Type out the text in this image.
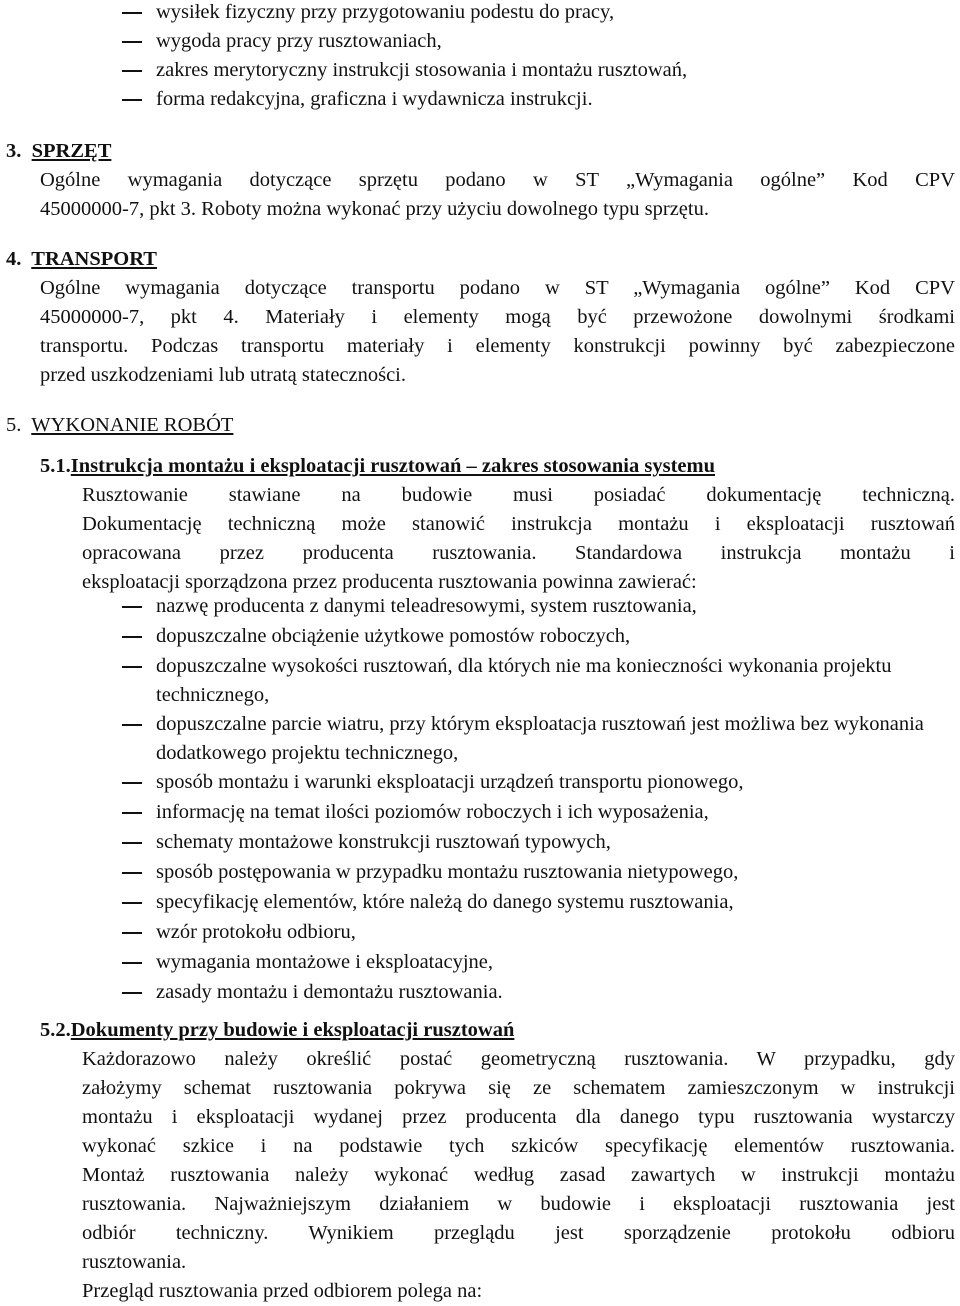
wysiłek fizyczny przy przygotowaniu podestu do pracy,
wygoda pracy przy rusztowaniach,
zakres merytoryczny instrukcji stosowania i montażu rusztowań,
forma redakcyjna, graficzna i wydawnicza instrukcji.
3. SPRZĘT
Ogólne wymagania dotyczące sprzętu podano w ST „Wymagania ogólne” Kod CPV
45000000-7, pkt 3. Roboty można wykonać przy użyciu dowolnego typu sprzętu.
4. TRANSPORT
Ogólne wymagania dotyczące transportu podano w ST „Wymagania ogólne” Kod CPV
45000000-7, pkt 4. Materiały i elementy mogą być przewożone dowolnymi środkami
transportu. Podczas transportu materiały i elementy konstrukcji powinny być zabezpieczone
przed uszkodzeniami lub utratą stateczności.
5. WYKONANIE ROBÓT
5.1.Instrukcja montażu i eksploatacji rusztowań – zakres stosowania systemu
Rusztowanie stawiane na budowie musi posiadać dokumentację techniczną.
Dokumentację techniczną może stanowić instrukcja montażu i eksploatacji rusztowań
opracowana przez producenta rusztowania. Standardowa instrukcja montażu i
eksploatacji sporządzona przez producenta rusztowania powinna zawierać:
nazwę producenta z danymi teleadresowymi, system rusztowania,
dopuszczalne obciążenie użytkowe pomostów roboczych,
dopuszczalne wysokości rusztowań, dla których nie ma konieczności wykonania projektu technicznego,
dopuszczalne parcie wiatru, przy którym eksploatacja rusztowań jest możliwa bez wykonania dodatkowego projektu technicznego,
sposób montażu i warunki eksploatacji urządzeń transportu pionowego,
informację na temat ilości poziomów roboczych i ich wyposażenia,
schematy montażowe konstrukcji rusztowań typowych,
sposób postępowania w przypadku montażu rusztowania nietypowego,
specyfikację elementów, które należą do danego systemu rusztowania,
wzór protokołu odbioru,
wymagania montażowe i eksploatacyjne,
zasady montażu i demontażu rusztowania.
5.2.Dokumenty przy budowie i eksploatacji rusztowań
Każdorazowo należy określić postać geometryczną rusztowania. W przypadku, gdy
założymy schemat rusztowania pokrywa się ze schematem zamieszczonym w instrukcji
montażu i eksploatacji wydanej przez producenta dla danego typu rusztowania wystarczy
wykonać szkice i na podstawie tych szkiców specyfikację elementów rusztowania.
Montaż rusztowania należy wykonać według zasad zawartych w instrukcji montażu
rusztowania. Najważniejszym działaniem w budowie i eksploatacji rusztowania jest
odbiór techniczny. Wynikiem przeglądu jest sporządzenie protokołu odbioru
rusztowania.
Przegląd rusztowania przed odbiorem polega na:
